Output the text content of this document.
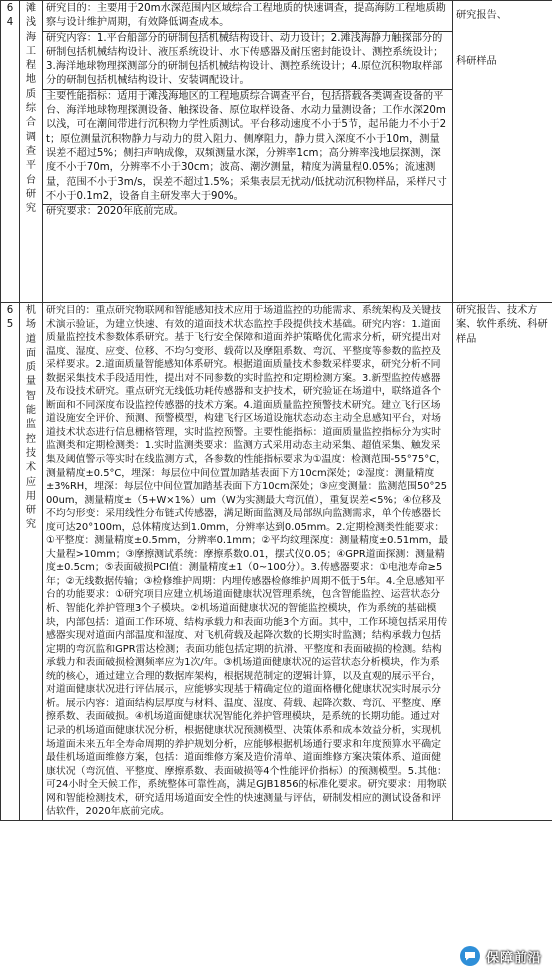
64	滩浅海工程地质综合调查平台研究	研究目的：主要用于20m水深范围内区域综合工程地质的快速调查，提高海防工程地质勘察与设计维护周期，有效降低调查成本。
研究内容：1.平台船部分的研制包括机械结构设计、动力设计；2.滩浅海静力触探部分的研制包括机械结构设计、液压系统设计、水下传感器及耐压密封能设计、测控系统设计；3.海洋地球物理探测部分的研制包括机械结构设计、测控系统设计；4.原位沉积物取样部分的研制包括机械结构设计、安装调配设计。
主要性能指标：适用于滩浅海地区的工程地质综合调查平台，包括搭载各类调查设备的平台、海洋地球物理探测设备、触探设备、原位取样设备、水动力量测设备；工作水深20m以浅，可在潮间带进行沉积物力学性质测试。平台移动速度不小于5节，起吊能力不小于2t；原位测量沉积物静力与动力的贯入阻力、侧摩阻力，静力贯入深度不小于10m，测量误差不超过5%；侧扫声呐成像，双频测量水深，分辨率1cm；高分辨率浅地层探测，深度不小于70m，分辨率不小于30cm；波高、潮汐测量，精度为满量程0.05%；流速测量，范围不小于3m/s，误差不超过1.5%；采集表层无扰动/低扰动沉积物样品，采样尺寸不小于0.1m2，设备自主研发率大于90%。
研究要求：2020年底前完成。	研究报告、
科研样品

65	机场道面质量智能监控技术应用研究	研究目的：重点研究物联网和智能感知技术应用于场道监控的功能需求、系统架构及关键技术演示验证，为建立快速、有效的道面技术状态监控手段提供技术基础。研究内容：1.道面质量监控技术参数体系研究。基于飞行安全保障和道面养护策略优化需求分析，研究提出对温度、湿度、应变、位移、不均匀变形、载荷以及摩阻系数、弯沉、平整度等参数的监控及采样要求。2.道面质量智能感知体系研究。根据道面质量技术参数采样要求，研究分析不同数据采集技术手段适用性，提出对不同参数的实时监控和定期检测方案。3.新型监控传感器及布设技术研究。重点研究无线低功耗传感器和支护技术，研究验证在场道中，联络道各个断面和不同深度布设监控传感器的技术方案。4.道面质量监控预警技术研究。建立飞行区场道设施安全评价、预测、预警模型，构建飞行区场道设施状态动态主动全息感知平台，对场道技术状态进行信息栅格管理，实时监控预警。主要性能指标：道面质量监控指标分为实时监测类和定期检测类：1.实时监测类要求：监测方式采用动态主动采集、超值采集、触发采集及阈值警示等实时在线监测方式，各参数的性能指标要求为①温度：检测范围-55°75°C，测量精度±0.5°C，埋深：每层位中间位置加踏基表面下方10cm深处；②湿度：测量精度±3%RH，埋深：每层位中间位置加踏基表面下方10cm深处；③应变测量：监测范围50°2500um，测量精度±（5+W×1%）um（W为实测最大弯沉值），重复误差<5%；④位移及不均匀形变：采用线性分布链式传感器，满足断面监测及局部纵向监测需求，单个传感器长度可达20°100m，总体精度达到1.0mm，分辨率达到0.05mm。2.定期检测类性能要求：①平整度：测量精度±0.5mm，分辨率0.1mm；②平均纹理深度：测量精度±0.51mm，最大量程>10mm；③摩擦测试系统：摩擦系数0.01，摆式仪0.05；④GPR道面探测：测量精度±0.5cm；⑤表面破损PCI值：测量精度±1（0~100分）。3.传感器要求：①电池寿命≥5年；②无线数据传输；③检修维护周期：内埋传感器检修维护周期不低于5年。4.全息感知平台的功能要求：①研究项目应建立机场道面健康状况管理系统，包含智能监控、运营状态分析、智能化养护管理3个子模块。②机场道面健康状况的智能监控模块，作为系统的基础模块，内部包括：道面工作环境、结构承载力和表面功能3个方面。其中，工作环境包括采用传感器实现对道面内部温度和湿度、对飞机荷载及起降次数的长期实时监测；结构承载力包括定期的弯沉监和GPR雷达检测；表面功能包括定期的抗滑、平整度和表面破损的检测。结构承载力和表面破损检测频率应为1次/年。③机场道面健康状况的运营状态分析模块，作为系统的核心，通过建立合理的数据库架构，根据规范制定的逻辑计算，以及直观的展示平台，对道面健康状况进行评估展示，应能够实现基于精确定位的道面格栅化健康状况实时展示分析。展示内容：道面结构层厚度与材料、温度、湿度、荷载、起降次数、弯沉、平整度、摩擦系数、表面破损。④机场道面健康状况智能化养护管理模块，是系统的长期功能。通过对记录的机场道面健康状况分析，根据健康状况预测模型、决策体系和成本效益分析，实现机场道面未来五年全寿命周期的养护规划分析，应能够根据机场通行要求和年度预算水平确定最佳机场道面维修方案，包括：道面维修方案及造价清单、道面维修方案决策体系、道面健康状况（弯沉值、平整度、摩擦系数、表面破损等4个性能评价指标）的预测模型。5.其他：可24小时全天候工作，系统整体可靠性高，满足GJB1856的标准化要求。研究要求：用物联网和智能检测技术，研究适用场道面安全性的快速测量与评估，研制发相应的测试设备和评估软件，2020年底前完成。	研究报告、技术方案、软件系统、科研样品
保障前沿
